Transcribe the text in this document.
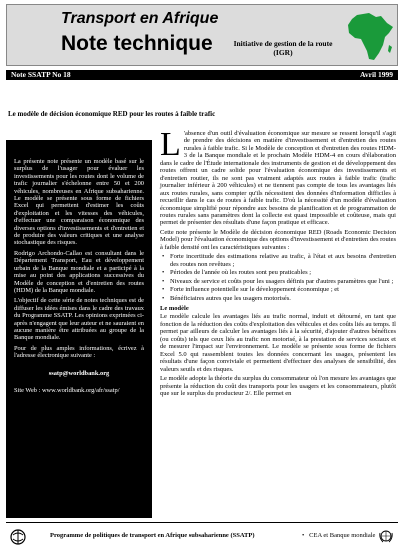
Transport en Afrique
Note technique	Initiative de gestion de la route
(IGR)
Note SSATP No 18	Avril 1999
Le modèle de décision économique RED pour les routes à faible trafic

La présente note présente un modèle basé sur le surplus de l'usager pour évaluer les investissements pour les routes dont le volume de trafic journalier s'échelonne entre 50 et 200 véhicules, nombreuses en Afrique subsaharienne. Le modèle se présente sous forme de fichiers Excel qui permettent d'estimer les coûts d'exploitation et les vitesses des véhicules, d'effectuer une comparaison économique des diverses options d'investissements et d'entretien et de produire des valeurs critiques et une analyse stochastique des risques.

Rodrigo Archondo-Callao est consultant dans le Département Transport, Eau et développement urbain de la Banque mondiale et a participé à la mise au point des applications successives du Modèle de conception et d'entretien des routes (HDM) de la Banque mondiale.

L'objectif de cette série de notes techniques est de diffuser les idées émises dans le cadre des travaux du Programme SSATP. Les opinions exprimées ci-après n'engagent que leur auteur et ne sauraient en aucune manière être attribuées au groupe de la Banque mondiale.

Pour de plus amples informations, écrivez à l'adresse électronique suivante :

ssatp@worldbank.org

Site Web : www.worldbank.org/afr/ssatp/

L 'absence d'un outil d'évaluation économique sur mesure se ressent lorsqu'il s'agit de prendre des décisions en matière d'investissement et d'entretien des routes rurales à faible trafic. Si le Modèle de conception et d'entretien des routes HDM-3 de la Banque mondiale et le prochain Modèle HDM-4 en cours d'élaboration dans le cadre de l'Étude internationale des instruments de gestion et de développement des routes offrent un cadre solide pour l'évaluation économique des investissements et d'entretien routier, ils ne sont pas vraiment adaptés aux routes à faible trafic (trafic journalier inférieur à 200 véhicules) et ne tiennent pas compte de tous les avantages liés aux routes rurales, sans compter qu'ils nécessitent des données d'information difficiles à recueillir dans le cas de routes à faible trafic. D'où la nécessité d'un modèle d'évaluation économique simplifié pour répondre aux besoins de planification et de programmation de routes rurales sans paramètres dont la collecte est quasi impossible et coûteuse, mais qui permet de présenter des résultats d'une façon pratique et efficace.

Cette note présente le Modèle de décision économique RED (Roads Economic Decision Model) pour l'évaluation économique des options d'investissement et d'entretien des routes à faible densité ont les caractéristiques suivantes :

• Forte incertitude des estimations relative au trafic, à l'état et aux besoins d'entretien des routes non revêtues ;
• Périodes de l'année où les routes sont peu praticables ;
• Niveaux de service et coûts pour les usagers définis par d'autres paramètres que l'uni ;
• Forte influence potentielle sur le développement économique ; et
• Bénéficiaires autres que les usagers motorisés.
Le modèle

Le modèle calcule les avantages liés au trafic normal, induit et détourné, en tant que fonction de la réduction des coûts d'exploitation des véhicules et des coûts liés au temps. Il permet par ailleurs de calculer les avantages liés à la sécurité, d'ajouter d'autres bénéfices (ou coûts) tels que ceux liés au trafic non motorisé, à la prestation de services sociaux et de mesurer l'impact sur l'environnement. Le modèle se présente sous forme de fichiers Excel 5.0 qui rassemblent toutes les données concernant les usages, présentent les résultats d'une façon conviviale et permettent d'effectuer des analyses de sensibilité, des valeurs seuils et des risques.

Le modèle adopte la théorie du surplus du consommateur où l'on mesure les avantages que présente la réduction du coût des transports pour les usagers et les consommateurs, plutôt que sur le surplus du producteur 2/. Elle permet en

Programme de politiques de transport en Afrique subsaharienne (SSATP)	•   CEA et Banque mondiale
